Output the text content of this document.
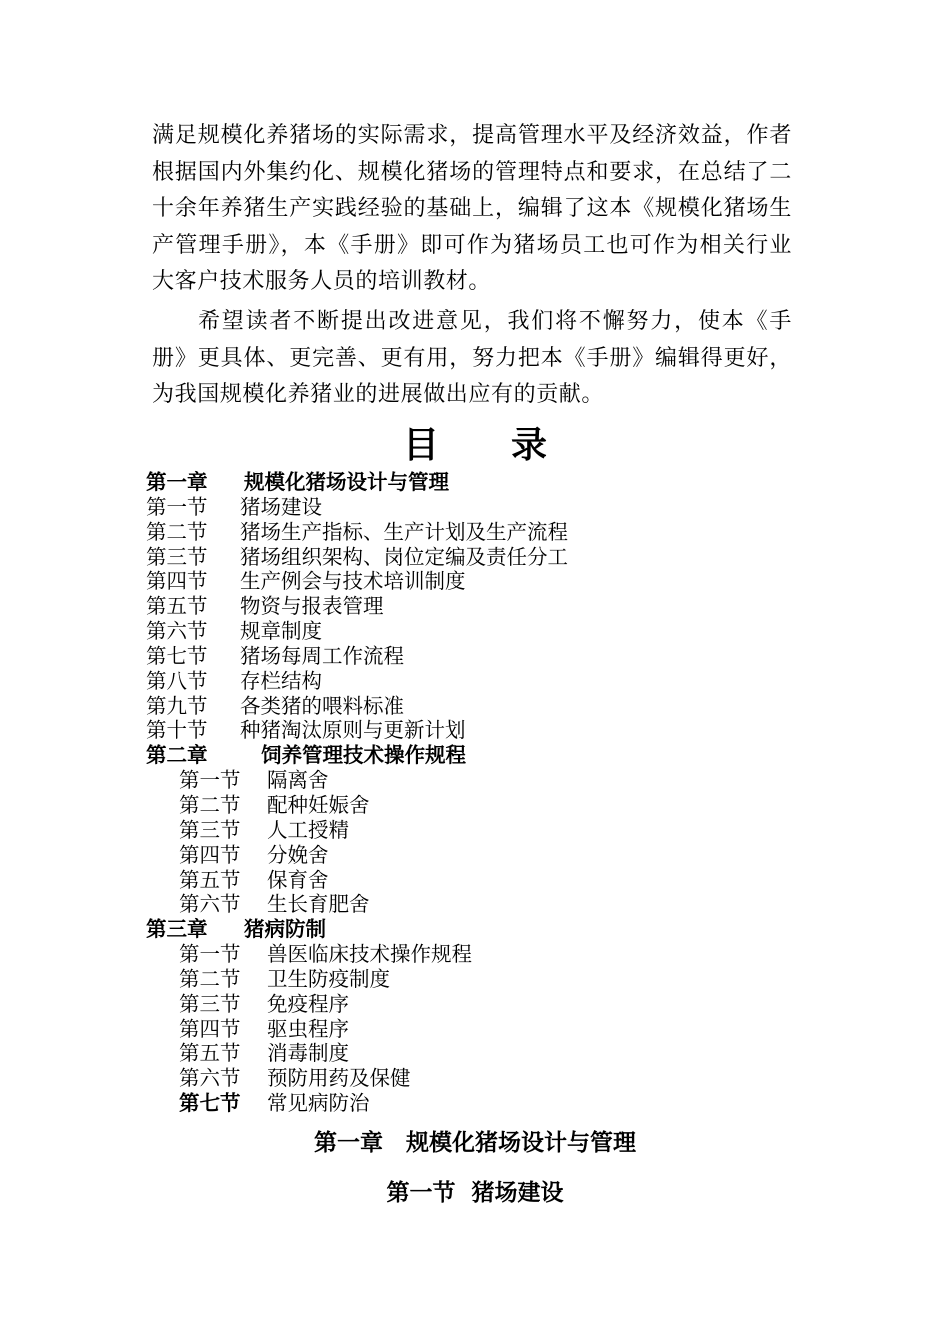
满足规模化养猪场的实际需求，提高管理水平及经济效益，作者根据国内外集约化、规模化猪场的管理特点和要求，在总结了二十余年养猪生产实践经验的基础上，编辑了这本《规模化猪场生产管理手册》，本《手册》即可作为猪场员工也可作为相关行业大客户技术服务人员的培训教材。

希望读者不断提出改进意见，我们将不懈努力，使本《手册》更具体、更完善、更有用，努力把本《手册》编辑得更好，为我国规模化养猪业的进展做出应有的贡献。

目　　录
第一章	规模化猪场设计与管理
第一节	猪场建设
第二节	猪场生产指标、生产计划及生产流程
第三节	猪场组织架构、岗位定编及责任分工
第四节	生产例会与技术培训制度
第五节	物资与报表管理
第六节	规章制度
第七节	猪场每周工作流程
第八节	存栏结构
第九节	各类猪的喂料标准
第十节	种猪淘汰原则与更新计划
第二章	饲养管理技术操作规程
第一节	隔离舍
第二节	配种妊娠舍
第三节	人工授精
第四节	分娩舍
第五节	保育舍
第六节	生长育肥舍
第三章	猪病防制
第一节	兽医临床技术操作规程
第二节	卫生防疫制度
第三节	免疫程序
第四节	驱虫程序
第五节	消毒制度
第六节	预防用药及保健
第七节	常见病防治
第一章　规模化猪场设计与管理
第一节  猪场建设
